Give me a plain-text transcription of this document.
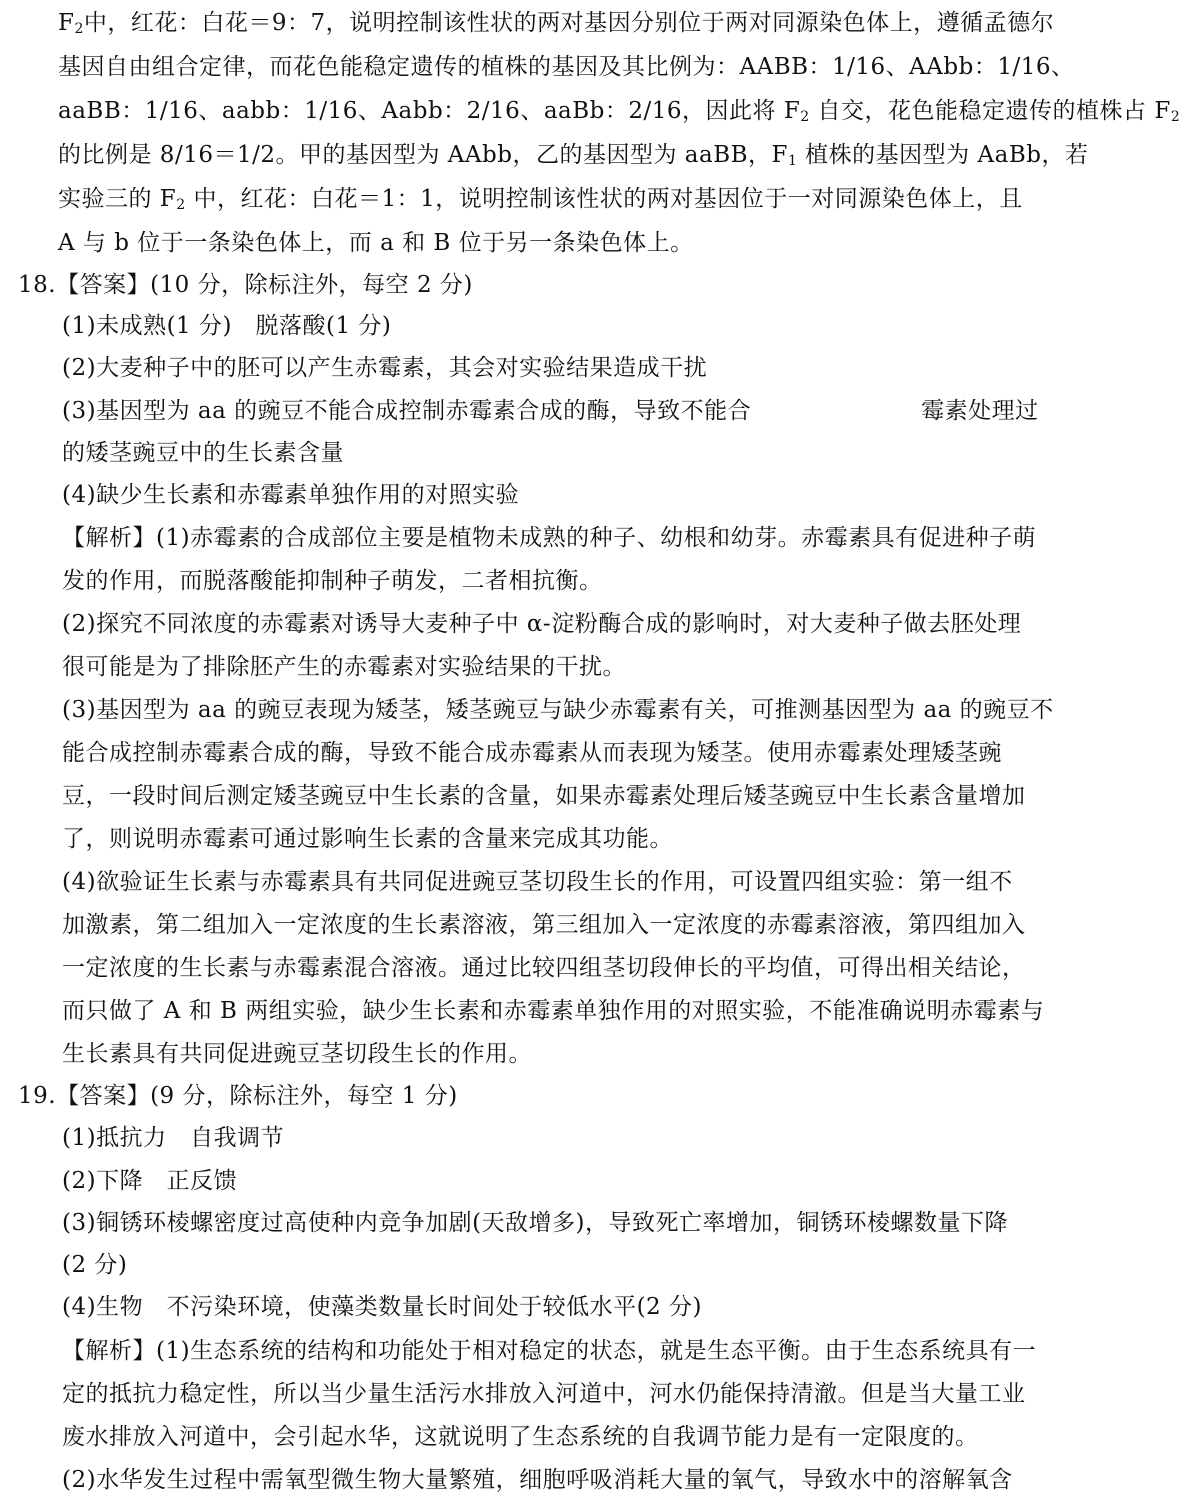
$F_2$中，红花：白花＝9：7，说明控制该性状的两对基因分别位于两对同源染色体上，遵循孟德尔
基因自由组合定律，而花色能稳定遗传的植株的基因及其比例为：AABB：1/16、AAbb：1/16、
aaBB：1/16、aabb：1/16、Aabb：2/16、aaBb：2/16，因此将 $F_2$ 自交，花色能稳定遗传的植株占 $F_2$
的比例是 8/16＝1/2。甲的基因型为 AAbb，乙的基因型为 aaBB，$F_1$ 植株的基因型为 AaBb，若
实验三的 $F_2$ 中，红花：白花＝1：1，说明控制该性状的两对基因位于一对同源染色体上，且
A 与 b 位于一条染色体上，而 a 和 B 位于另一条染色体上。
18.【答案】(10 分，除标注外，每空 2 分)
(1)未成熟(1 分)　脱落酸(1 分)
(2)大麦种子中的胚可以产生赤霉素，其会对实验结果造成干扰
(3)基因型为 aa 的豌豆不能合成控制赤霉素合成的酶，导致不能合	霉素处理过
的矮茎豌豆中的生长素含量
(4)缺少生长素和赤霉素单独作用的对照实验
【解析】(1)赤霉素的合成部位主要是植物未成熟的种子、幼根和幼芽。赤霉素具有促进种子萌
发的作用，而脱落酸能抑制种子萌发，二者相抗衡。
(2)探究不同浓度的赤霉素对诱导大麦种子中 α-淀粉酶合成的影响时，对大麦种子做去胚处理
很可能是为了排除胚产生的赤霉素对实验结果的干扰。
(3)基因型为 aa 的豌豆表现为矮茎，矮茎豌豆与缺少赤霉素有关，可推测基因型为 aa 的豌豆不
能合成控制赤霉素合成的酶，导致不能合成赤霉素从而表现为矮茎。使用赤霉素处理矮茎豌
豆，一段时间后测定矮茎豌豆中生长素的含量，如果赤霉素处理后矮茎豌豆中生长素含量增加
了，则说明赤霉素可通过影响生长素的含量来完成其功能。
(4)欲验证生长素与赤霉素具有共同促进豌豆茎切段生长的作用，可设置四组实验：第一组不
加激素，第二组加入一定浓度的生长素溶液，第三组加入一定浓度的赤霉素溶液，第四组加入
一定浓度的生长素与赤霉素混合溶液。通过比较四组茎切段伸长的平均值，可得出相关结论，
而只做了 A 和 B 两组实验，缺少生长素和赤霉素单独作用的对照实验，不能准确说明赤霉素与
生长素具有共同促进豌豆茎切段生长的作用。
19.【答案】(9 分，除标注外，每空 1 分)
(1)抵抗力　自我调节
(2)下降　正反馈
(3)铜锈环棱螺密度过高使种内竞争加剧(天敌增多)，导致死亡率增加，铜锈环棱螺数量下降
(2 分)
(4)生物　不污染环境，使藻类数量长时间处于较低水平(2 分)
【解析】(1)生态系统的结构和功能处于相对稳定的状态，就是生态平衡。由于生态系统具有一
定的抵抗力稳定性，所以当少量生活污水排放入河道中，河水仍能保持清澈。但是当大量工业
废水排放入河道中，会引起水华，这就说明了生态系统的自我调节能力是有一定限度的。
(2)水华发生过程中需氧型微生物大量繁殖，细胞呼吸消耗大量的氧气，导致水中的溶解氧含
